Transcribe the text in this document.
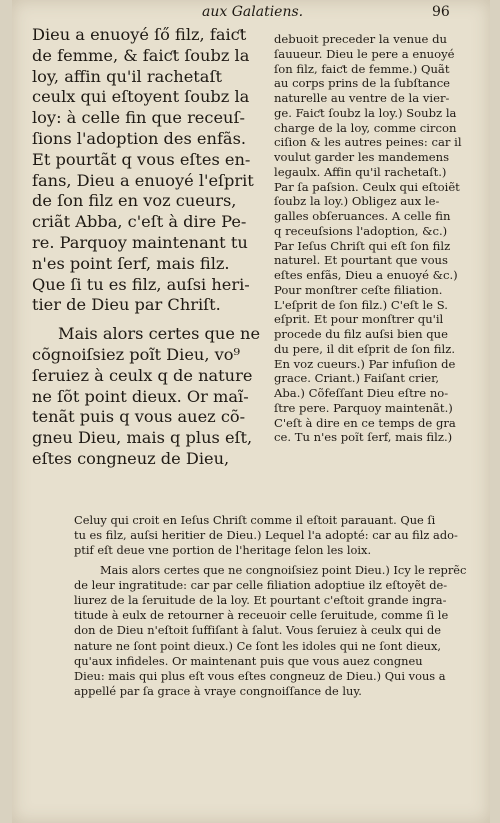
aux Galatiens.	96
Dieu a enuoyé ſő filz, faiƈt
de femme, & faiƈt ſoubz la
loy, affin qu'il rachetaſt
ceulx qui eſtoyent ſoubz la
loy: à celle fin que receuſ-
ſions l'adoption des enfãs.
Et pourtãt q vous eſtes en-
fans, Dieu a enuoyé l'eſprit
de ſon filz en voz cueurs,
criãt Abba, c'eſt à dire Pe-
re. Parquoy maintenant tu
n'es point ſerf, mais filz.
Que ſi tu es filz, auſsi heri-
tier de Dieu par Chriſt.
Mais alors certes que ne
cõgnoiſsiez poĩt Dieu, vo⁹
ſeruiez à ceulx q de nature
ne ſõt point dieux. Or maĩ-
tenãt puis q vous auez cõ-
gneu Dieu, mais q plus eſt,
eſtes congneuz de Dieu,
debuoit preceder la venue du
ſauueur. Dieu le pere a enuoyé
ſon filz, faiƈt de femme.) Quãt
au corps prins de la ſubſtance
naturelle au ventre de la vier-
ge. Faiƈt ſoubz la loy.) Soubz la
charge de la loy, comme circon
ciſion & les autres peines: car il
voulut garder les mandemens
legaulx. Affin qu'il rachetaſt.)
Par ſa paſsion. Ceulx qui eſtoiẽt
ſoubz la loy.) Obligez aux le-
galles obſeruances. A celle fin
q receuſsions l'adoption, &c.)
Par Ieſus Chriſt qui eſt ſon filz
naturel. Et pourtant que vous
eſtes enfãs, Dieu a enuoyé &c.)
Pour monſtrer ceſte filiation.
L'eſprit de ſon filz.) C'eſt le S.
eſprit. Et pour monſtrer qu'il
procede du filz auſsi bien que
du pere, il dit eſprit de ſon filz.
En voz cueurs.) Par infuſion de
grace. Criant.) Faiſant crier,
Aba.) Cõfeſſant Dieu eſtre no-
ſtre pere. Parquoy maintenãt.)
C'eſt à dire en ce temps de gra
ce. Tu n'es poĩt ſerf, mais filz.)
Celuy qui croit en Ieſus Chriſt comme il eſtoit parauant. Que ſi
tu es filz, auſsi heritier de Dieu.) Lequel l'a adopté: car au filz ado-
ptif eſt deue vne portion de l'heritage ſelon les loix.
Mais alors certes que ne congnoiſsiez point Dieu.) Icy le reprẽc
de leur ingratitude: car par celle filiation adoptiue ilz eſtoyẽt de-
liurez de la ſeruitude de la loy. Et pourtant c'eſtoit grande ingra-
titude à eulx de retourner à receuoir celle ſeruitude, comme ſi le
don de Dieu n'eſtoit ſuffiſant à ſalut. Vous ſeruiez à ceulx qui de
nature ne ſont point dieux.) Ce ſont les idoles qui ne ſont dieux,
qu'aux infideles. Or maintenant puis que vous auez congneu
Dieu: mais qui plus eſt vous eſtes congneuz de Dieu.) Qui vous a
appellé par ſa grace à vraye congnoiſſance de luy.
